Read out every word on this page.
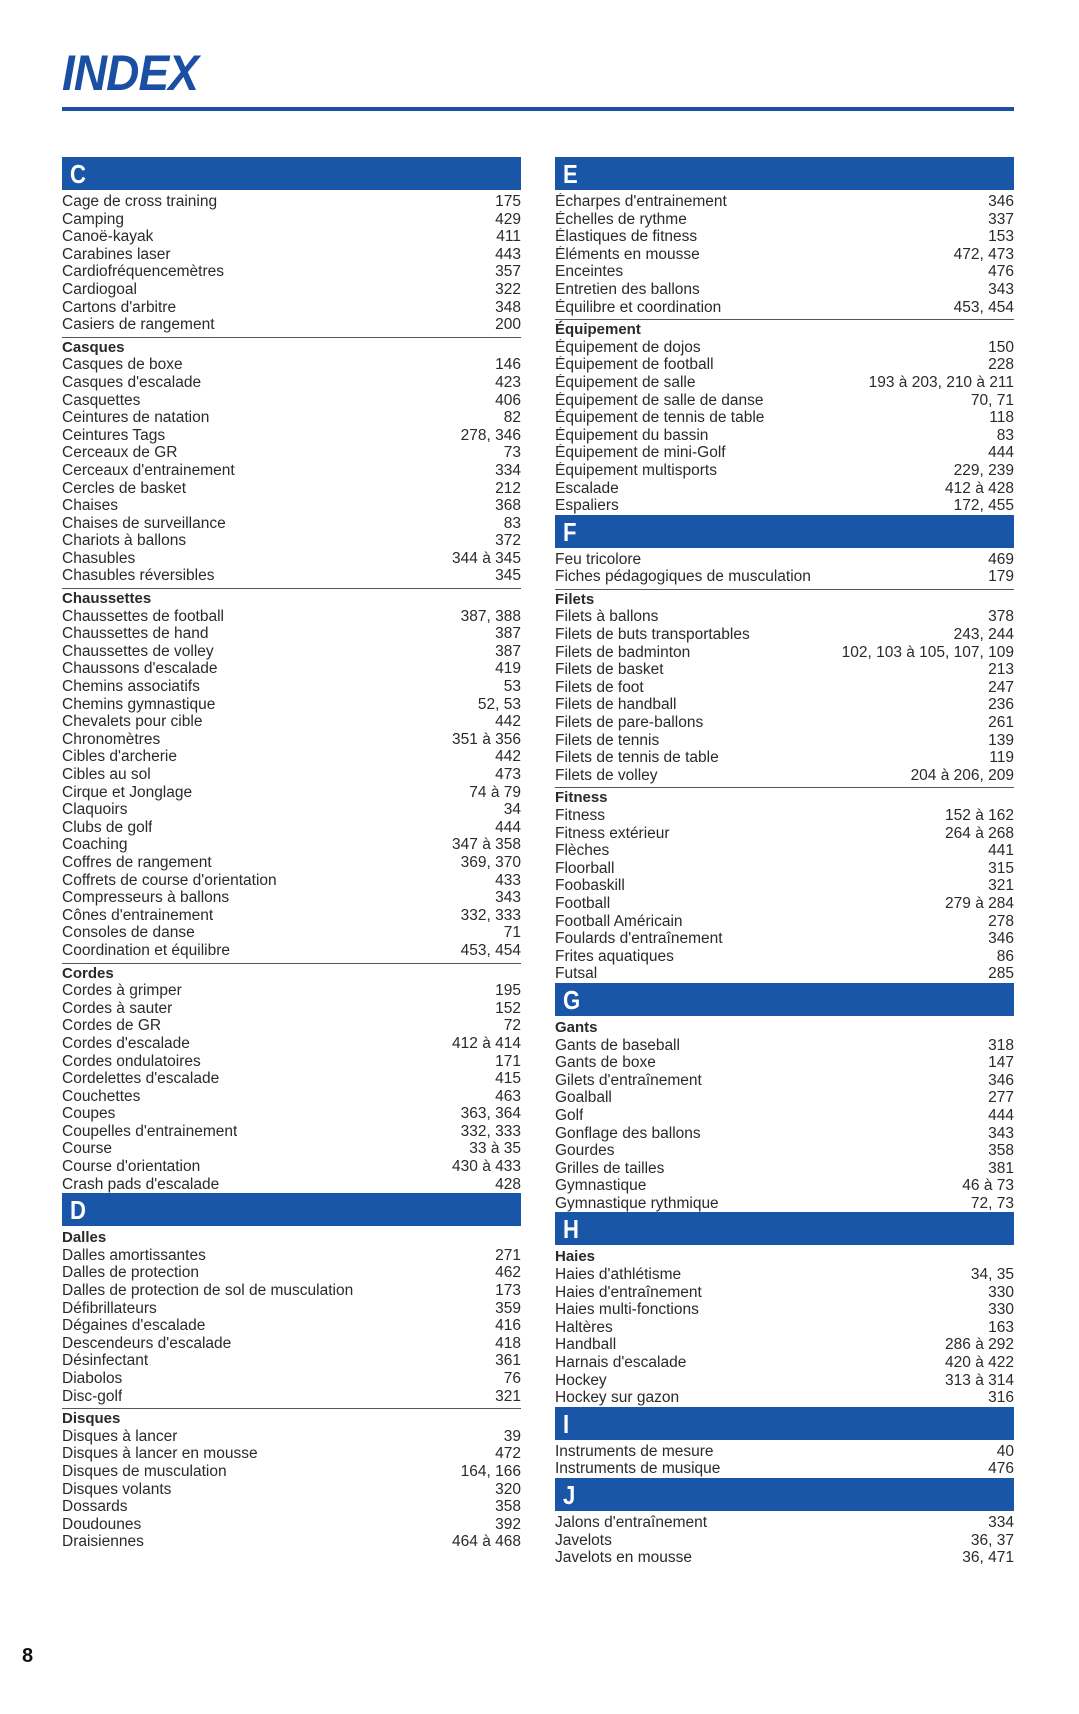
INDEX
C
Cage de cross training	175
Camping	429
Canoë-kayak	411
Carabines laser	443
Cardiofréquencemètres	357
Cardiogoal	322
Cartons d'arbitre	348
Casiers de rangement	200
Casques
Casques de boxe	146
Casques d'escalade	423
Casquettes	406
Ceintures de natation	82
Ceintures Tags	278, 346
Cerceaux de GR	73
Cerceaux d'entrainement	334
Cercles de basket	212
Chaises	368
Chaises de surveillance	83
Chariots à ballons	372
Chasubles	344 à 345
Chasubles réversibles	345
Chaussettes
Chaussettes de football	387, 388
Chaussettes de hand	387
Chaussettes de volley	387
Chaussons d'escalade	419
Chemins associatifs	53
Chemins gymnastique	52, 53
Chevalets pour cible	442
Chronomètres	351 à 356
Cibles d'archerie	442
Cibles au sol	473
Cirque et Jonglage	74 à 79
Claquoirs	34
Clubs de golf	444
Coaching	347 à 358
Coffres de rangement	369, 370
Coffrets de course d'orientation	433
Compresseurs à ballons	343
Cônes d'entrainement	332, 333
Consoles de danse	71
Coordination et équilibre	453, 454
Cordes
Cordes à grimper	195
Cordes à sauter	152
Cordes de GR	72
Cordes d'escalade	412 à 414
Cordes ondulatoires	171
Cordelettes d'escalade	415
Couchettes	463
Coupes	363, 364
Coupelles d'entrainement	332, 333
Course	33 à 35
Course d'orientation	430 à 433
Crash pads d'escalade	428
D
Dalles
Dalles amortissantes	271
Dalles de protection	462
Dalles de protection de sol de musculation	173
Défibrillateurs	359
Dégaines d'escalade	416
Descendeurs d'escalade	418
Désinfectant	361
Diabolos	76
Disc-golf	321
Disques
Disques à lancer	39
Disques à lancer en mousse	472
Disques de musculation	164, 166
Disques volants	320
Dossards	358
Doudounes	392
Draisiennes	464 à 468
E
Écharpes d'entrainement	346
Échelles de rythme	337
Élastiques de fitness	153
Éléments en mousse	472, 473
Enceintes	476
Entretien des ballons	343
Équilibre et coordination	453, 454
Équipement
Équipement de dojos	150
Équipement de football	228
Équipement de salle	193 à 203, 210 à 211
Équipement de salle de danse	70, 71
Équipement de tennis de table	118
Équipement du bassin	83
Équipement de mini-Golf	444
Équipement multisports	229, 239
Escalade	412 à 428
Espaliers	172, 455
F
Feu tricolore	469
Fiches pédagogiques de musculation	179
Filets
Filets à ballons	378
Filets de buts transportables	243, 244
Filets de badminton	102, 103 à 105, 107, 109
Filets de basket	213
Filets de foot	247
Filets de handball	236
Filets de pare-ballons	261
Filets de tennis	139
Filets de tennis de table	119
Filets de volley	204 à 206, 209
Fitness
Fitness	152 à 162
Fitness extérieur	264 à 268
Flèches	441
Floorball	315
Foobaskill	321
Football	279 à 284
Football Américain	278
Foulards d'entraînement	346
Frites aquatiques	86
Futsal	285
G
Gants
Gants de baseball	318
Gants de boxe	147
Gilets d'entraînement	346
Goalball	277
Golf	444
Gonflage des ballons	343
Gourdes	358
Grilles de tailles	381
Gymnastique	46 à 73
Gymnastique rythmique	72, 73
H
Haies
Haies d'athlétisme	34, 35
Haies d'entraînement	330
Haies multi-fonctions	330
Haltères	163
Handball	286 à 292
Harnais d'escalade	420 à 422
Hockey	313 à 314
Hockey sur gazon	316
I
Instruments de mesure	40
Instruments de musique	476
J
Jalons d'entraînement	334
Javelots	36, 37
Javelots en mousse	36, 471
8
